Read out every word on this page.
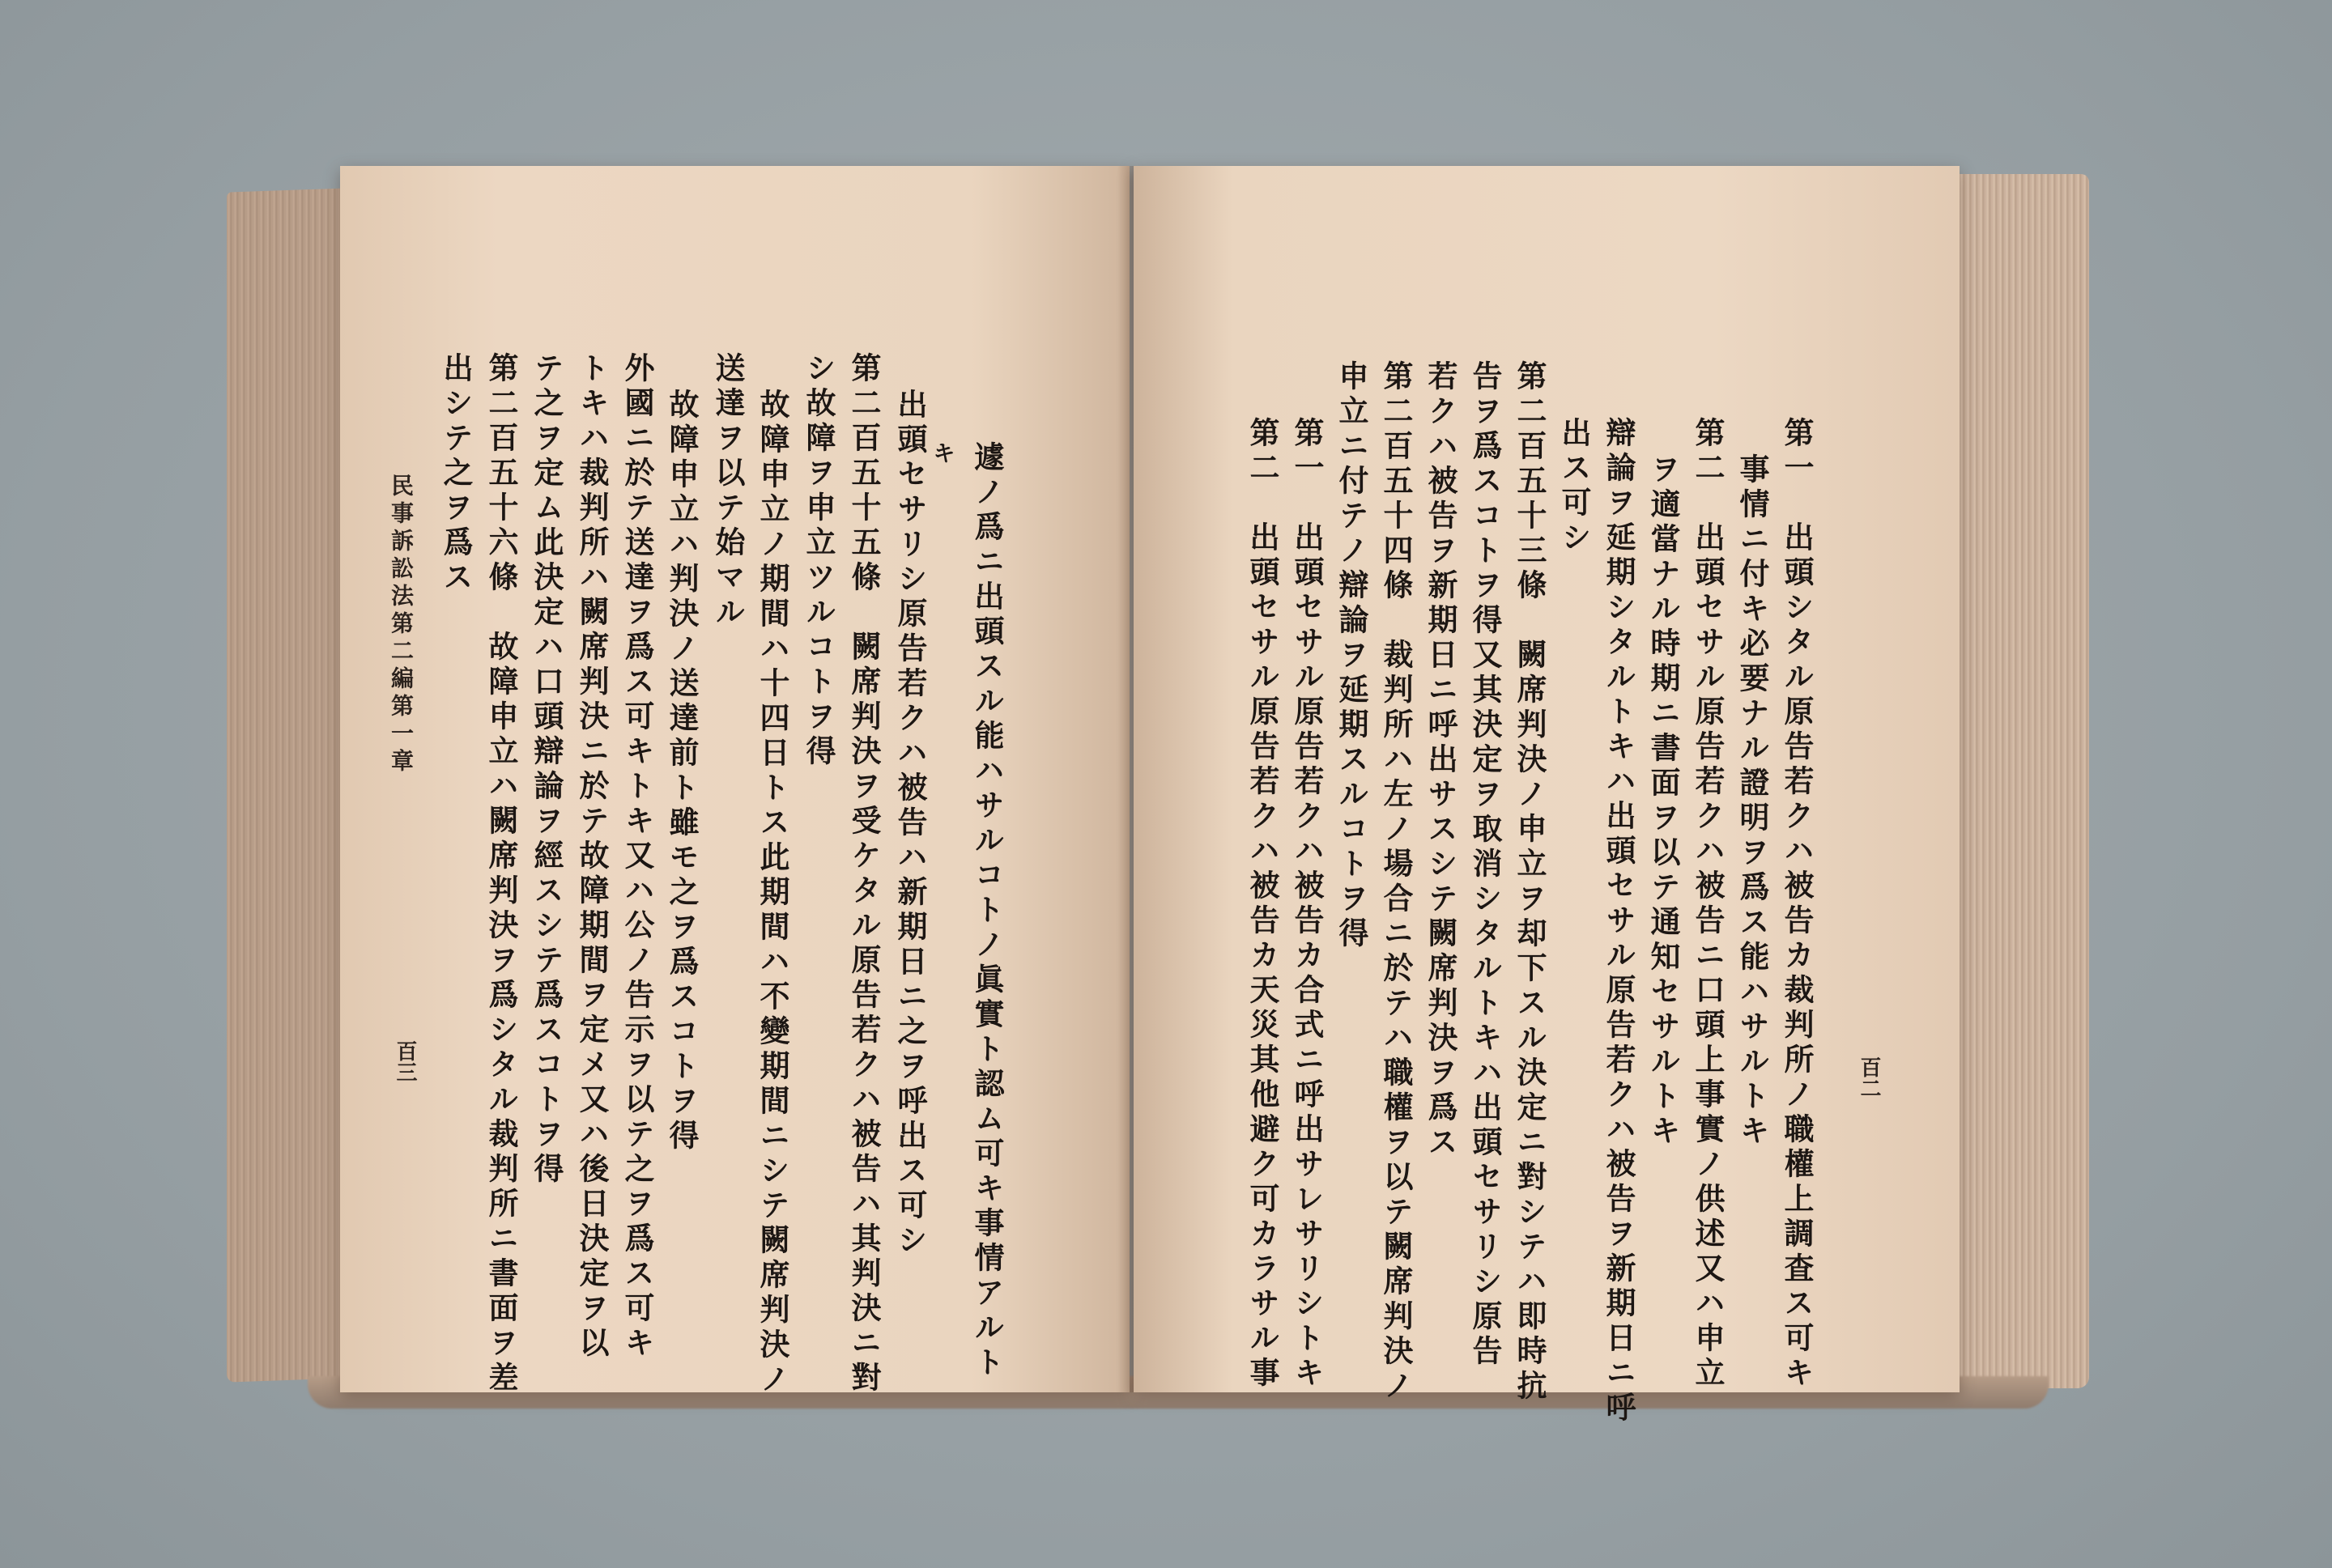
遽ノ爲ニ出頭スル能ハサルコトノ眞實ト認ム可キ事情アルト
キ
出頭セサリシ原告若クハ被告ハ新期日ニ之ヲ呼出ス可シ
第二百五十五條　闕席判決ヲ受ケタル原告若クハ被告ハ其判決ニ對
シ故障ヲ申立ツルコトヲ得
故障申立ノ期間ハ十四日トス此期間ハ不變期間ニシテ闕席判決ノ
送達ヲ以テ始マル
故障申立ハ判決ノ送達前ト雖モ之ヲ爲スコトヲ得
外國ニ於テ送達ヲ爲ス可キトキ又ハ公ノ告示ヲ以テ之ヲ爲ス可キ
トキハ裁判所ハ闕席判決ニ於テ故障期間ヲ定メ又ハ後日決定ヲ以
テ之ヲ定ム此決定ハ口頭辯論ヲ經スシテ爲スコトヲ得
第二百五十六條　故障申立ハ闕席判決ヲ爲シタル裁判所ニ書面ヲ差
出シテ之ヲ爲ス
民事訴訟法第二編第一章
百三	百二
第一　出頭シタル原告若クハ被告カ裁判所ノ職權上調査ス可キ
事情ニ付キ必要ナル證明ヲ爲ス能ハサルトキ
第二　出頭セサル原告若クハ被告ニ口頭上事實ノ供述又ハ申立
ヲ適當ナル時期ニ書面ヲ以テ通知セサルトキ
辯論ヲ延期シタルトキハ出頭セサル原告若クハ被告ヲ新期日ニ呼
出ス可シ
第二百五十三條　闕席判決ノ申立ヲ却下スル決定ニ對シテハ即時抗
告ヲ爲スコトヲ得又其決定ヲ取消シタルトキハ出頭セサリシ原告
若クハ被告ヲ新期日ニ呼出サスシテ闕席判決ヲ爲ス
第二百五十四條　裁判所ハ左ノ場合ニ於テハ職權ヲ以テ闕席判決ノ
申立ニ付テノ辯論ヲ延期スルコトヲ得
第一　出頭セサル原告若クハ被告カ合式ニ呼出サレサリシトキ
第二　出頭セサル原告若クハ被告カ天災其他避ク可カラサル事
